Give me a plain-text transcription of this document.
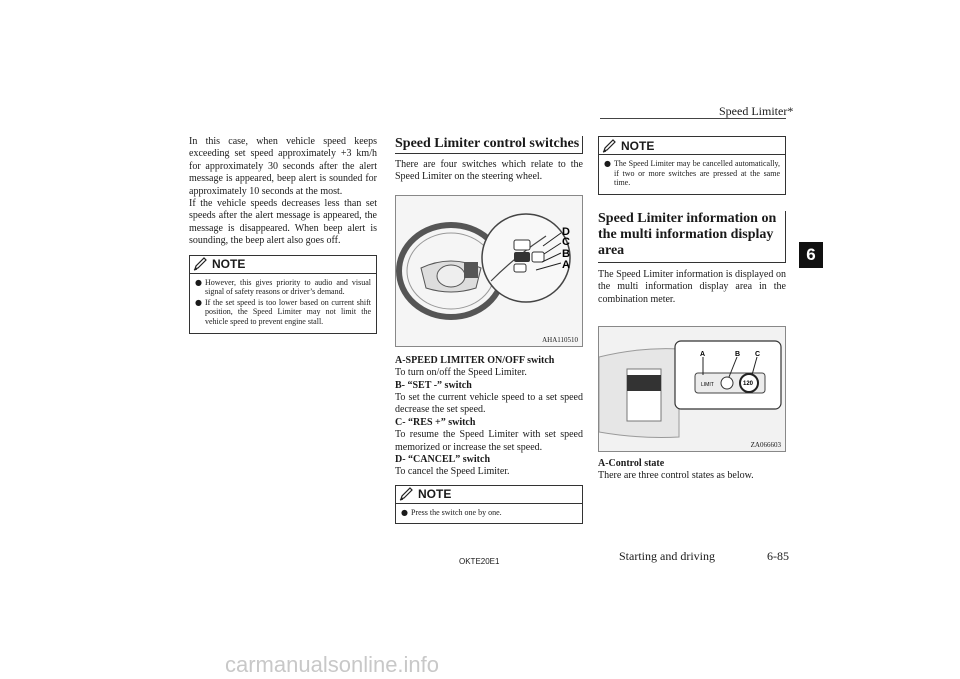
Speed Limiter*
6

In this case, when vehicle speed keeps exceeding set speed approximately +3 km/h for approximately 30 seconds after the alert message is appeared, beep alert is sounded for approximately 10 seconds at the most.

If the vehicle speeds decreases less than set speeds after the alert message is appeared, the message is disappeared. When beep alert is sounding, the beep alert also goes off.

NOTE
● However, this gives priority to audio and visual signal of safety reasons or driver’s demand.
● If the set speed is too lower based on current shift position, the Speed Limiter may not limit the vehicle speed to prevent engine stall.
Speed Limiter control switches

There are four switches which relate to the Speed Limiter on the steering wheel.

D
C
B
A
AHA110510
A-SPEED LIMITER ON/OFF switch
To turn on/off the Speed Limiter.
B- “SET -” switch
To set the current vehicle speed to a set speed decrease the set speed.
C- “RES +” switch
To resume the Speed Limiter with set speed memorized or increase the set speed.
D- “CANCEL” switch
To cancel the Speed Limiter.
NOTE
● Press the switch one by one.
NOTE
● The Speed Limiter may be cancelled automatically, if two or more switches are pressed at the same time.
Speed Limiter information on the multi information display area

The Speed Limiter information is displayed on the multi information display area in the combination meter.

A	B C
LIMIT	120
ZA066603
A-Control state
There are three control states as below.
OKTE20E1	Starting and driving	6-85
carmanualsonline.info
